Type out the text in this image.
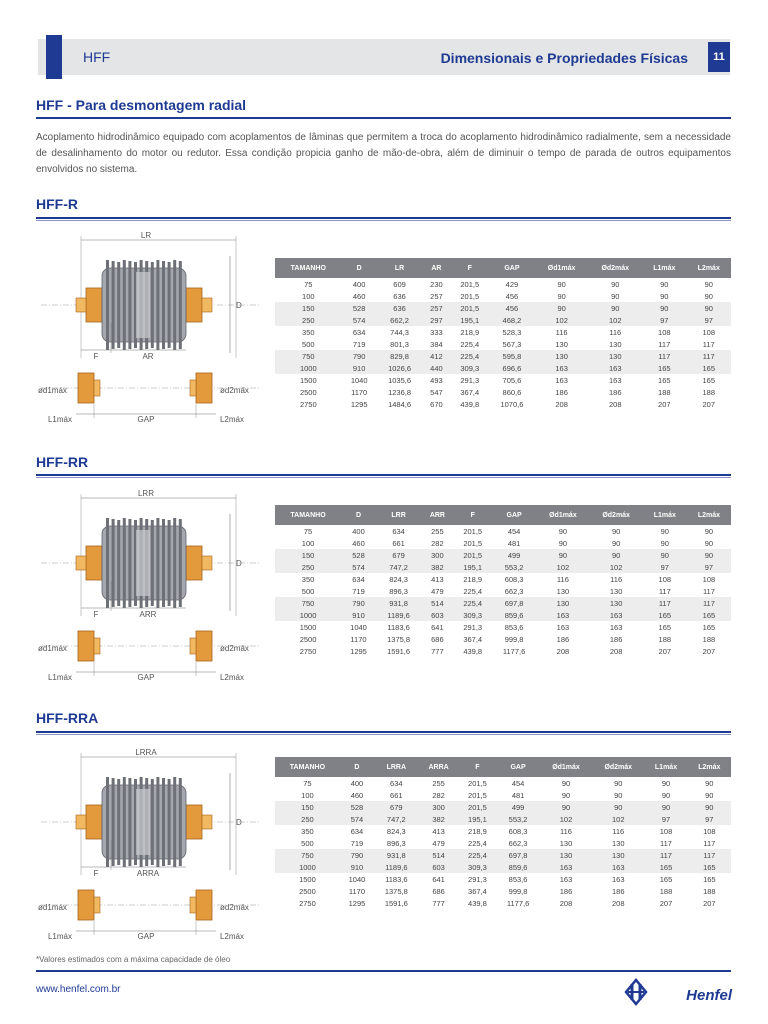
HFF	Dimensionais e Propriedades Físicas	11
HFF - Para desmontagem radial
Acoplamento hidrodinâmico equipado com acoplamentos de lâminas que permitem a troca do acoplamento hidrodinâmico radialmente, sem a necessidade de desalinhamento do motor ou redutor. Essa condição propicia ganho de mão-de-obra, além de diminuir o tempo de parada de outros equipamentos envolvidos no sistema.
HFF-R
HFF-RR
HFF-RRA
LR
D
F	AR
ød1máx	ød2máx
L1máx	GAP	L2máx
LRR
D
F	ARR
ød1máx	ød2máx
L1máx	GAP	L2máx
LRRA
D
F	ARRA
ød1máx	ød2máx
L1máx	GAP	L2máx
TAMANHO	D	LR	AR	F	GAP	Ød1máx	Ød2máx	L1máx	L2máx
75	400	609	230	201,5	429	90	90	90	90
100	460	636	257	201,5	456	90	90	90	90
150	528	636	257	201,5	456	90	90	90	90
250	574	662,2	297	195,1	468,2	102	102	97	97
350	634	744,3	333	218,9	528,3	116	116	108	108
500	719	801,3	384	225,4	567,3	130	130	117	117
750	790	829,8	412	225,4	595,8	130	130	117	117
1000	910	1026,6	440	309,3	696,6	163	163	165	165
1500	1040	1035,6	493	291,3	705,6	163	163	165	165
2500	1170	1236,8	547	367,4	860,6	186	186	188	188
2750	1295	1484,6	670	439,8	1070,6	208	208	207	207
TAMANHO	D	LRR	ARR	F	GAP	Ød1máx	Ød2máx	L1máx	L2máx
75	400	634	255	201,5	454	90	90	90	90
100	460	661	282	201,5	481	90	90	90	90
150	528	679	300	201,5	499	90	90	90	90
250	574	747,2	382	195,1	553,2	102	102	97	97
350	634	824,3	413	218,9	608,3	116	116	108	108
500	719	896,3	479	225,4	662,3	130	130	117	117
750	790	931,8	514	225,4	697,8	130	130	117	117
1000	910	1189,6	603	309,3	859,6	163	163	165	165
1500	1040	1183,6	641	291,3	853,6	163	163	165	165
2500	1170	1375,8	686	367,4	999,8	186	186	188	188
2750	1295	1591,6	777	439,8	1177,6	208	208	207	207
TAMANHO	D	LRRA	ARRA	F	GAP	Ød1máx	Ød2máx	L1máx	L2máx
75	400	634	255	201,5	454	90	90	90	90
100	460	661	282	201,5	481	90	90	90	90
150	528	679	300	201,5	499	90	90	90	90
250	574	747,2	382	195,1	553,2	102	102	97	97
350	634	824,3	413	218,9	608,3	116	116	108	108
500	719	896,3	479	225,4	662,3	130	130	117	117
750	790	931,8	514	225,4	697,8	130	130	117	117
1000	910	1189,6	603	309,3	859,6	163	163	165	165
1500	1040	1183,6	641	291,3	853,6	163	163	165	165
2500	1170	1375,8	686	367,4	999,8	186	186	188	188
2750	1295	1591,6	777	439,8	1177,6	208	208	207	207
*Valores estimados com a máxima capacidade de óleo
www.henfel.com.br	Henfel
